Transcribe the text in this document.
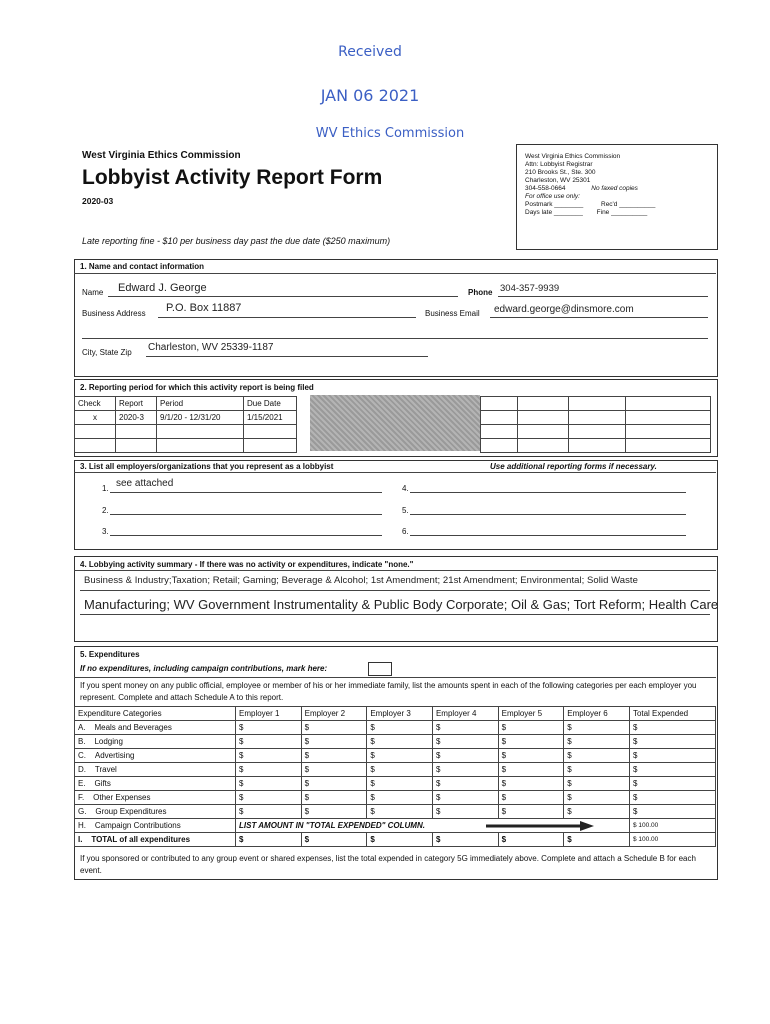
Received
JAN 06 2021
WV Ethics Commission
West Virginia Ethics Commission
Lobbyist Activity Report Form
2020-03
Late reporting fine - $10 per business day past the due date ($250 maximum)
West Virginia Ethics Commission
Attn: Lobbyist Registrar
210 Brooks St., Ste. 300
Charleston, WV 25301
304-558-0664	No faxed copies
For office use only:
Postmark ________ Rec'd __________
Days late ________ Fine __________
1. Name and contact information
Name Edward J. George	Phone 304-357-9939
Business Address P.O. Box 11887	Business Email edward.george@dinsmore.com
City, State Zip Charleston, WV 25339-1187
2. Reporting period for which this activity report is being filed
Check	Report	Period	Due Date
x	2020-3	9/1/20 - 12/31/20	1/15/2021

3. List all employers/organizations that you represent as a lobbyist	Use additional reporting forms if necessary.
1. see attached
2.
3.
4.
5.
6.
4. Lobbying activity summary - If there was no activity or expenditures, indicate "none."
Business & Industry;Taxation; Retail; Gaming; Beverage & Alcohol; 1st Amendment; 21st Amendment; Environmental; Solid Waste
Manufacturing; WV Government Instrumentality & Public Body Corporate; Oil & Gas; Tort Reform; Health Care
5. Expenditures
If no expenditures, including campaign contributions, mark here:
If you spent money on any public official, employee or member of his or her immediate family, list the amounts spent in each of the following categories per each employer you represent. Complete and attach Schedule A to this report.
Expenditure Categories	Employer 1	Employer 2	Employer 3	Employer 4	Employer 5	Employer 6	Total Expended
A. Meals and Beverages	$	$	$	$	$	$	$
B. Lodging	$	$	$	$	$	$	$
C. Advertising	$	$	$	$	$	$	$
D. Travel	$	$	$	$	$	$	$
E. Gifts	$	$	$	$	$	$	$
F. Other Expenses	$	$	$	$	$	$	$
G. Group Expenditures	$	$	$	$	$	$	$
H. Campaign Contributions	LIST AMOUNT IN "TOTAL EXPENDED" COLUMN.						$ 100.00
I. TOTAL of all expenditures	$	$	$	$	$	$	$ 100.00
If you sponsored or contributed to any group event or shared expenses, list the total expended in category 5G immediately above. Complete and attach a Schedule B for each event.
